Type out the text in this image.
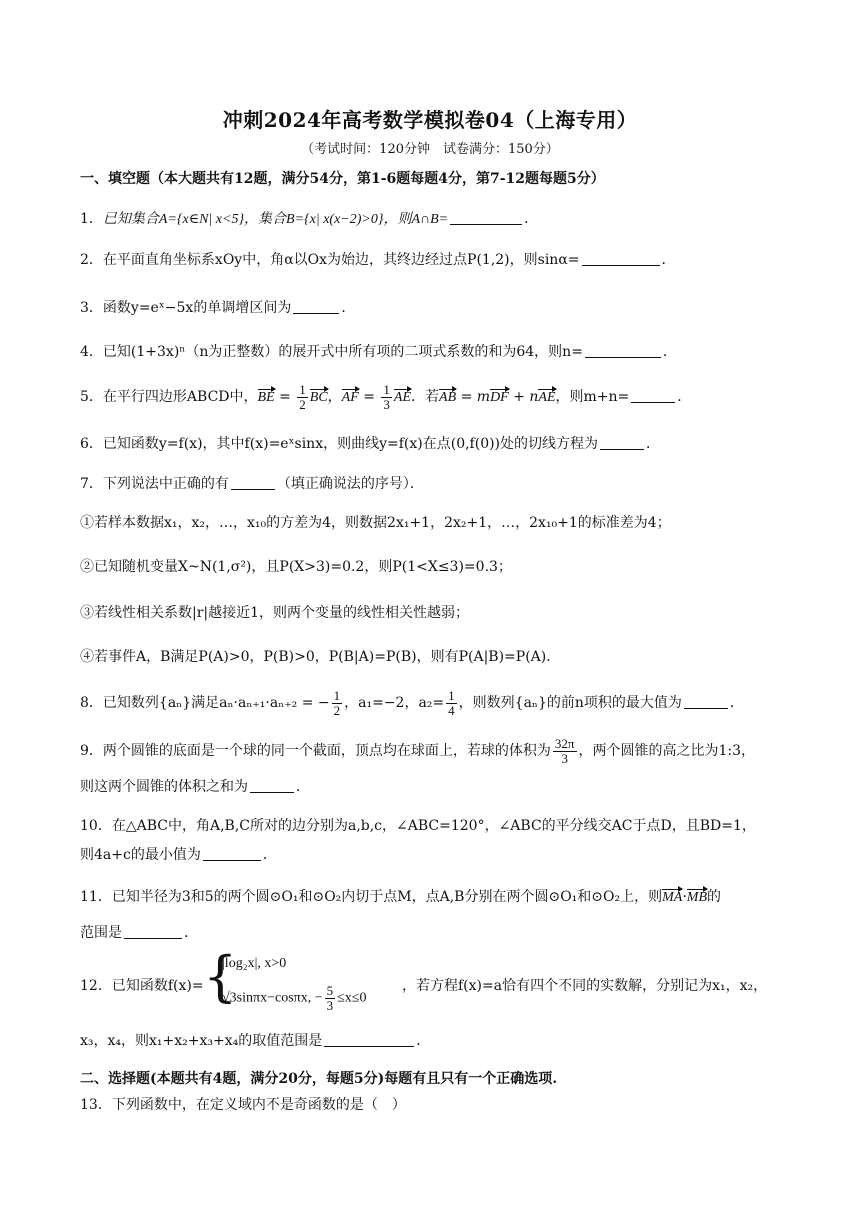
冲刺2024年高考数学模拟卷04（上海专用）
（考试时间：120分钟　试卷满分：150分）
一、填空题（本大题共有12题，满分54分，第1-6题每题4分，第7-12题每题5分）
1．已知集合A={x∈N| x<5}，集合B={x| x(x−2)>0}，则A∩B=	．
2．在平面直角坐标系xOy中，角α以Ox为始边，其终边经过点P(1,2)，则sinα=	．
3．函数y=eˣ−5x的单调增区间为	．
4．已知(1+3x)ⁿ（n为正整数）的展开式中所有项的二项式系数的和为64，则n=	．
5．在平行四边形ABCD中，BE = $\frac{1}{2}$ BC，AF = $\frac{1}{3}$ AE．若AB = mDF + nAE，则m+n=	．
6．已知函数y=f(x)，其中f(x)=eˣsinx，则曲线y=f(x)在点(0,f(0))处的切线方程为	．
7．下列说法中正确的有	（填正确说法的序号）．
①若样本数据x₁，x₂，…，x₁₀的方差为4，则数据2x₁+1，2x₂+1，…，2x₁₀+1的标准差为4；
②已知随机变量X~N(1,σ²)，且P(X>3)=0.2，则P(1<X≤3)=0.3；
③若线性相关系数|r|越接近1，则两个变量的线性相关性越弱；
④若事件A，B满足P(A)>0，P(B)>0，P(B|A)=P(B)，则有P(A|B)=P(A)．
8．已知数列{aₙ}满足aₙ·aₙ₊₁·aₙ₊₂ = − $\frac{1}{2}$ ，a₁=−2，$a_2= \frac{1}{4}$ ，则数列{aₙ}的前n项积的最大值为	．
9．两个圆锥的底面是一个球的同一个截面，顶点均在球面上，若球的体积为 $\frac{32\pi}{3}$ ，两个圆锥的高之比为1:3，
则这两个圆锥的体积之和为	．
10．在△ABC中，角A,B,C所对的边分别为a,b,c，∠ABC=120°，∠ABC的平分线交AC于点D，且BD=1，
则4a+c的最小值为	．
11．已知半径为3和5的两个圆⊙O₁和⊙O₂内切于点M，点A,B分别在两个圆⊙O₁和⊙O₂上，则MA·MB的
范围是	．
12．已知函数f(x)= {
|log₂x|, x>0
√3sinπx−cosπx, − $\frac{5}{3} \le x\le 0$
，若方程f(x)=a恰有四个不同的实数解，分别记为x₁，x₂，
x₃，x₄，则x₁+x₂+x₃+x₄的取值范围是	．
二、选择题(本题共有4题，满分20分，每题5分)每题有且只有一个正确选项.
13．下列函数中，在定义域内不是奇函数的是（　）
